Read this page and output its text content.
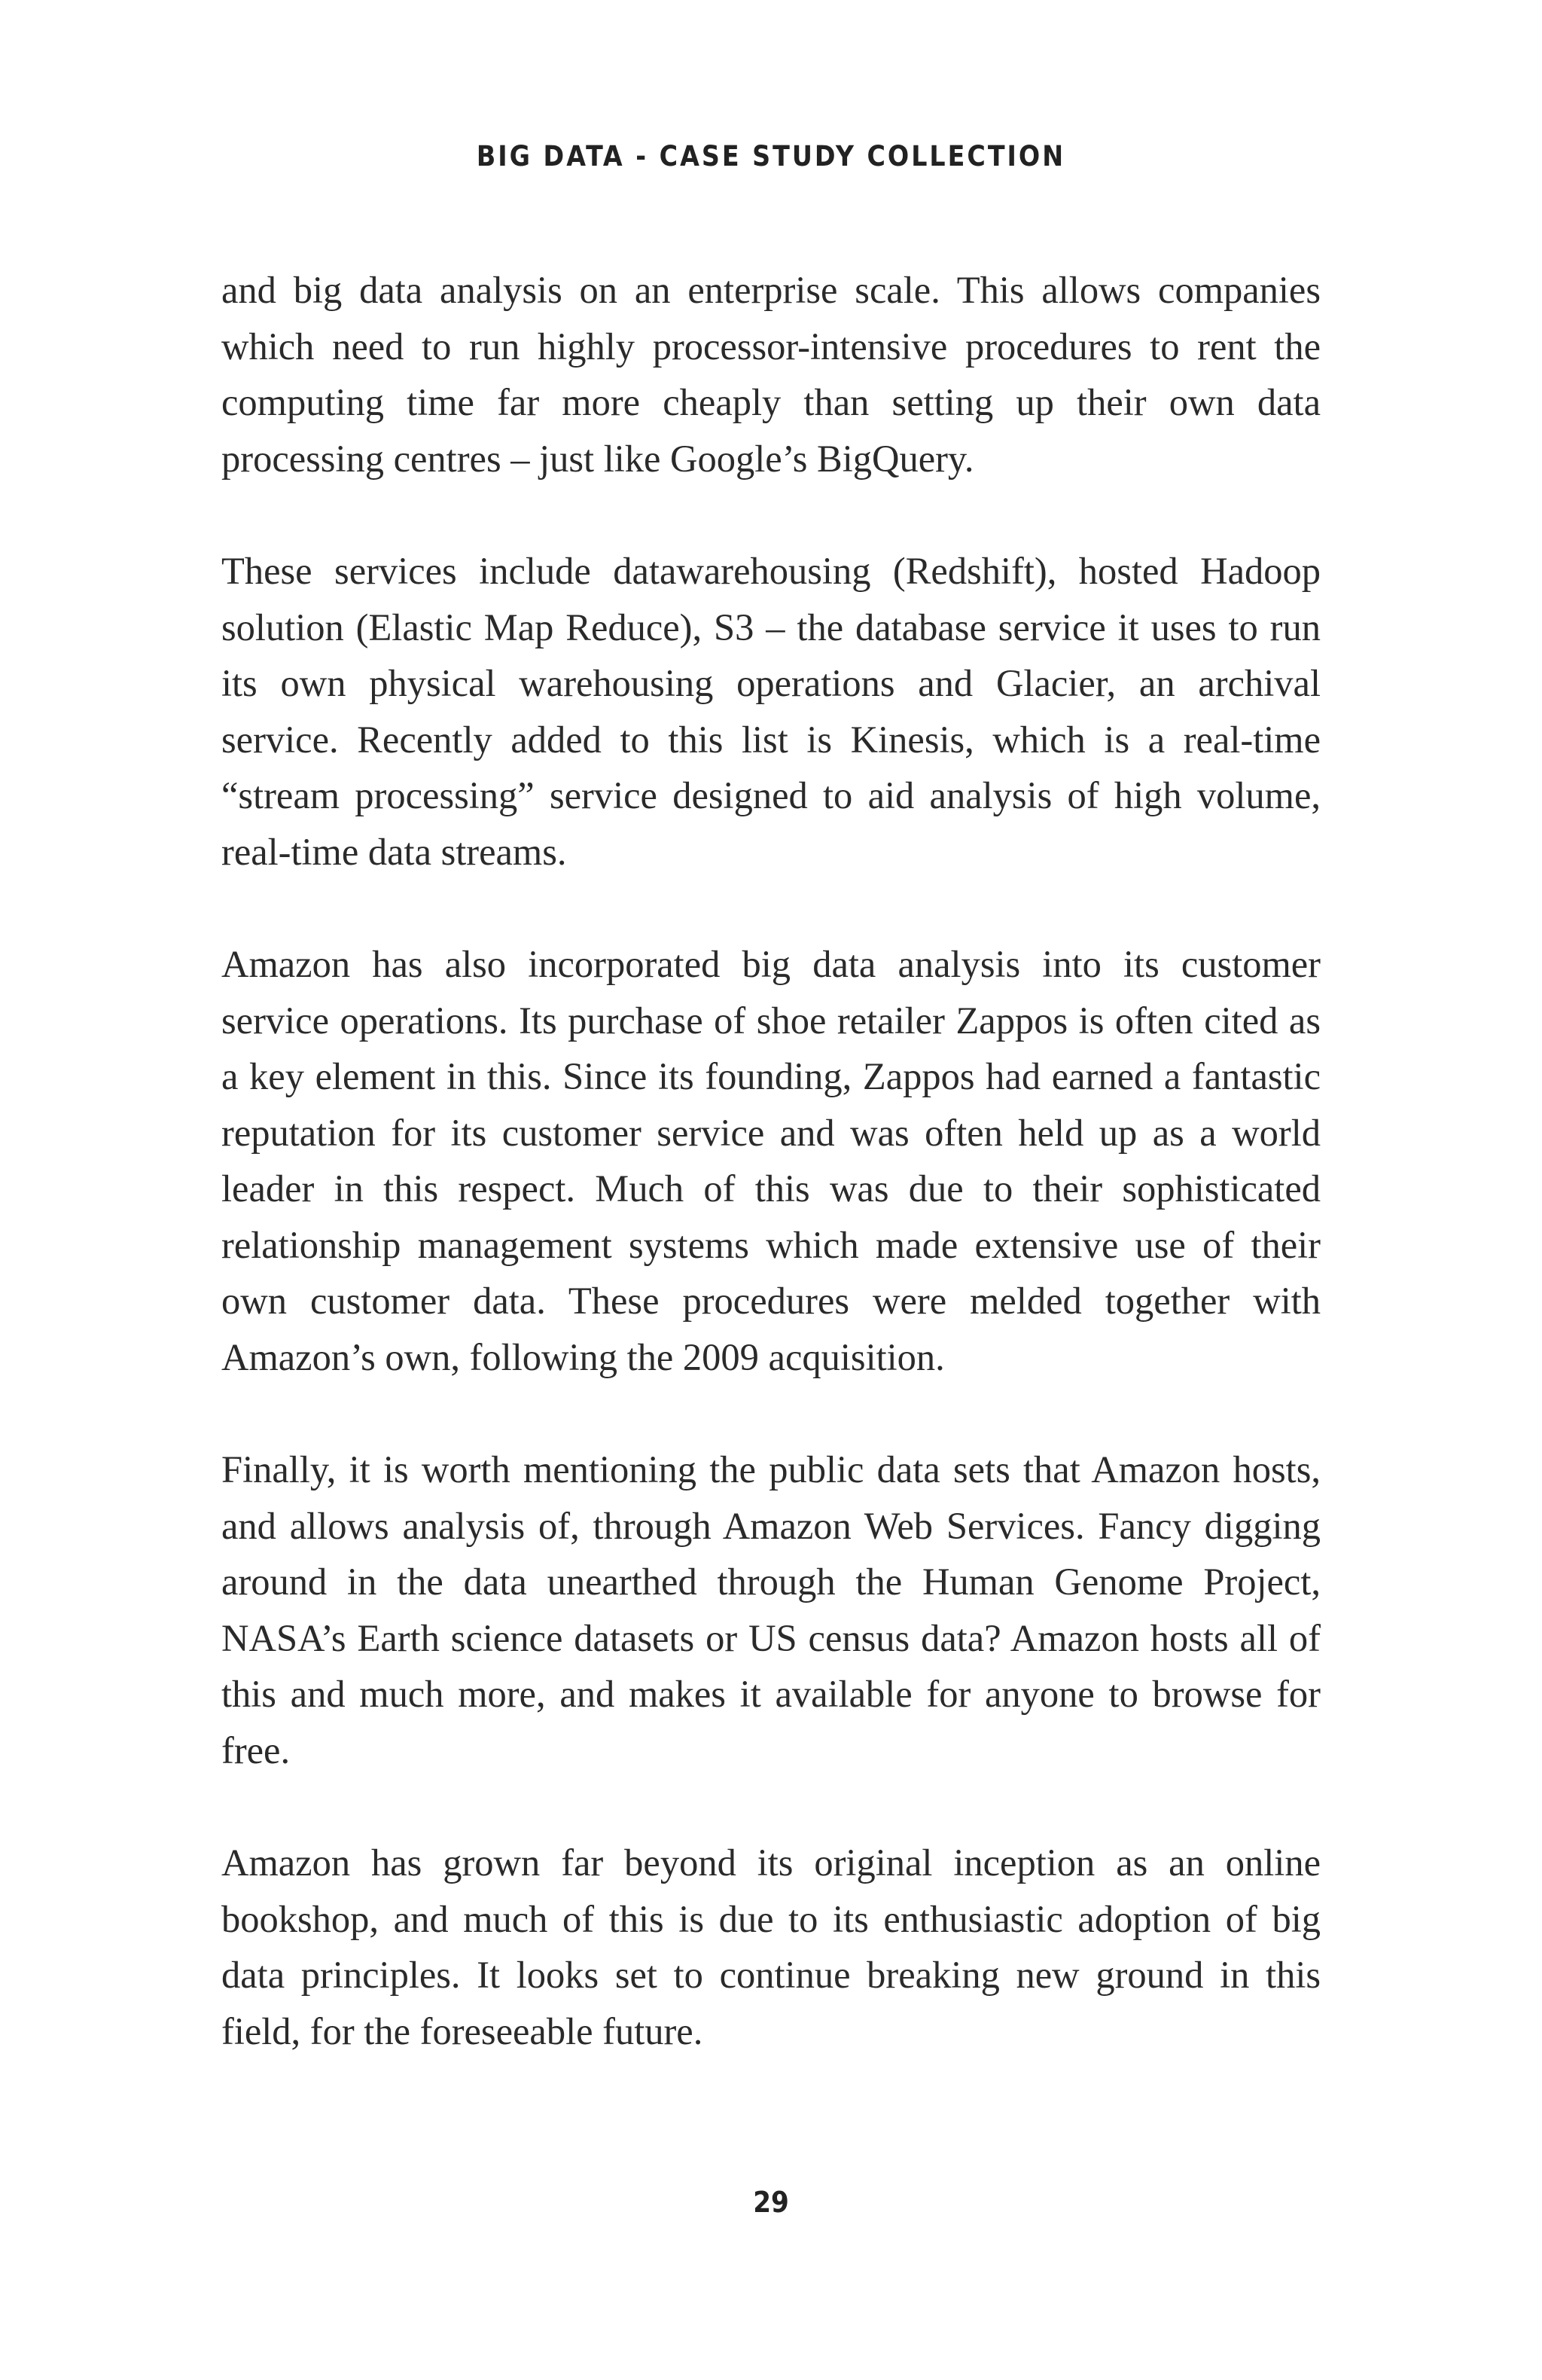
BIG DATA - CASE STUDY COLLECTION

and big data analysis on an enterprise scale. This allows companies which need to run highly processor-intensive procedures to rent the computing time far more cheaply than setting up their own data processing centres – just like Google’s BigQuery.

These services include datawarehousing (Redshift), hosted Hadoop solution (Elastic Map Reduce), S3 – the database service it uses to run its own physical warehousing operations and Glacier, an archival service. Recently added to this list is Kinesis, which is a real-time “stream processing” service designed to aid analysis of high volume, real-time data streams.

Amazon has also incorporated big data analysis into its customer service operations. Its purchase of shoe retailer Zappos is often cited as a key element in this. Since its founding, Zappos had earned a fantastic reputation for its customer service and was often held up as a world leader in this respect. Much of this was due to their sophisticated relationship management systems which made extensive use of their own customer data. These procedures were melded together with Amazon’s own, following the 2009 acquisition.

Finally, it is worth mentioning the public data sets that Amazon hosts, and allows analysis of, through Amazon Web Services. Fancy digging around in the data unearthed through the Human Genome Project, NASA’s Earth science datasets or US census data? Amazon hosts all of this and much more, and makes it available for anyone to browse for free.

Amazon has grown far beyond its original inception as an online bookshop, and much of this is due to its enthusiastic adoption of big data principles. It looks set to continue breaking new ground in this field, for the foreseeable future.

29
